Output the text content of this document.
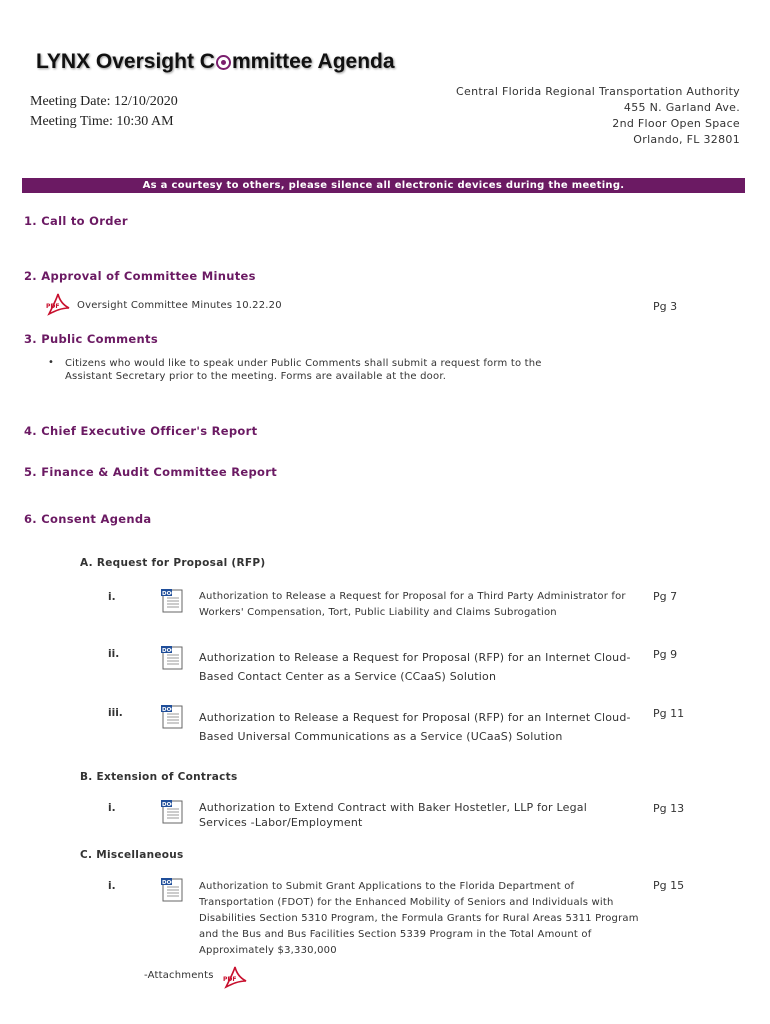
LYNX Oversight C mmittee Agenda
Meeting Date: 12/10/2020
Meeting Time: 10:30 AM
Central Florida Regional Transportation Authority
455 N. Garland Ave.
2nd Floor Open Space
Orlando, FL 32801
As a courtesy to others, please silence all electronic devices during the meeting.
1. Call to Order
2. Approval of Committee Minutes
PDF Oversight Committee Minutes 10.22.20	Pg 3
3. Public Comments
• Citizens who would like to speak under Public Comments shall submit a request form to the
Assistant Secretary prior to the meeting. Forms are available at the door.
4. Chief Executive Officer's Report
5. Finance & Audit Committee Report
6. Consent Agenda
A. Request for Proposal (RFP)
i.	DOC Authorization to Release a Request for Proposal for a Third Party Administrator for
Workers' Compensation, Tort, Public Liability and Claims Subrogation
Pg 7
ii.	DOC Authorization to Release a Request for Proposal (RFP) for an Internet Cloud-
Based Contact Center as a Service (CCaaS) Solution
Pg 9
iii.	DOC
Authorization to Release a Request for Proposal (RFP) for an Internet Cloud-
Based Universal Communications as a Service (UCaaS) Solution
Pg 11
B. Extension of Contracts
i.	DOC Authorization to Extend Contract with Baker Hostetler, LLP for Legal
Services -Labor/Employment
Pg 13
C. Miscellaneous
i.	DOC Authorization to Submit Grant Applications to the Florida Department of
Transportation (FDOT) for the Enhanced Mobility of Seniors and Individuals with
Disabilities Section 5310 Program, the Formula Grants for Rural Areas 5311 Program
and the Bus and Bus Facilities Section 5339 Program in the Total Amount of
Approximately $3,330,000
Pg 15
-Attachments PDF
